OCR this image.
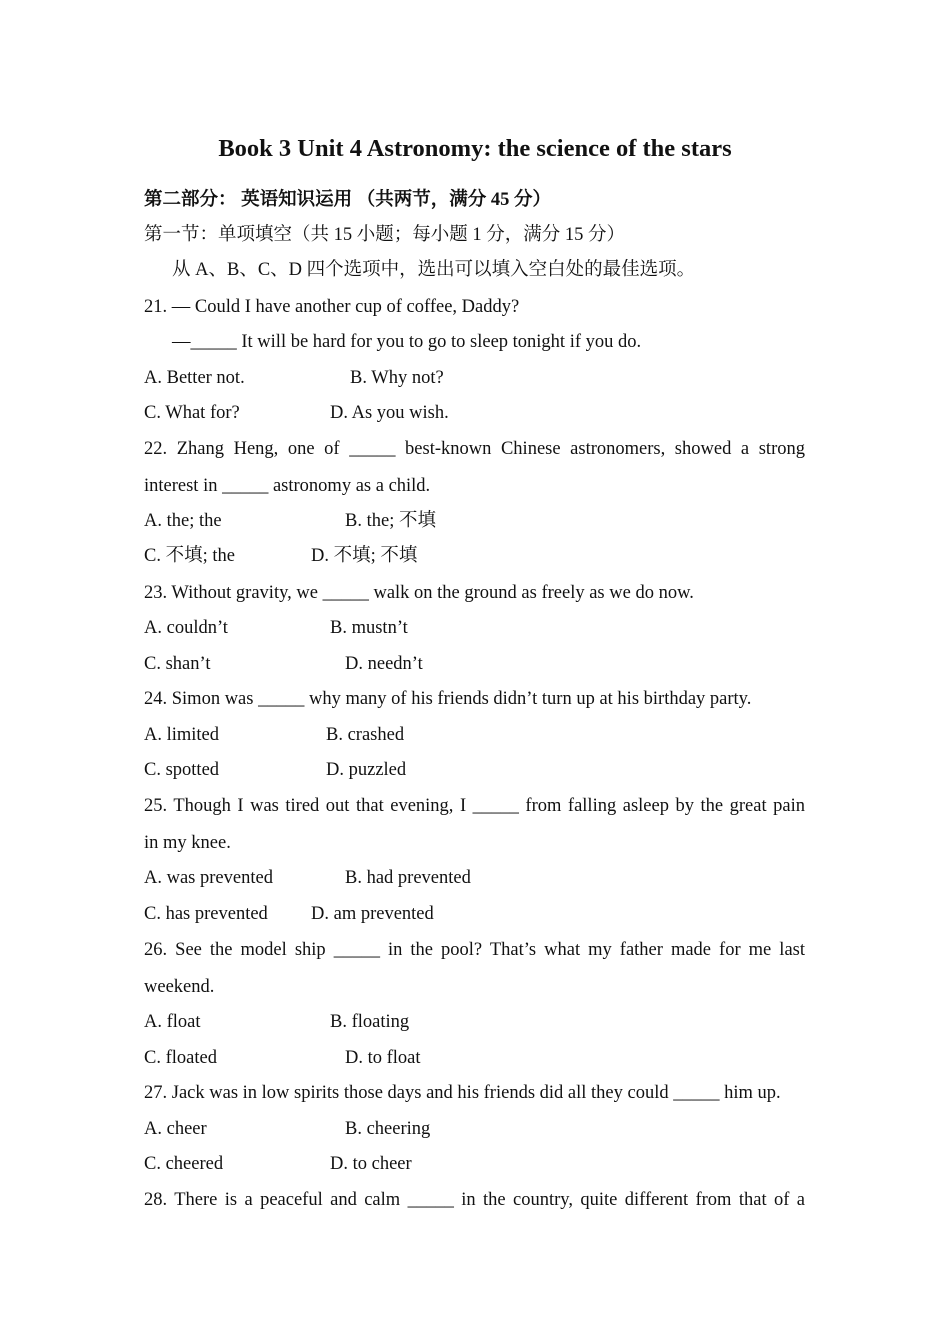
Book 3 Unit 4 Astronomy: the science of the stars
第二部分： 英语知识运用 （共两节，满分 45 分）
第一节：单项填空（共 15 小题；每小题 1 分，满分 15 分）
从 A、B、C、D 四个选项中，选出可以填入空白处的最佳选项。
21. — Could I have another cup of coffee, Daddy?
—_____ It will be hard for you to go to sleep tonight if you do.
A. Better not.	B. Why not?
C. What for?	D. As you wish.
22. Zhang Heng, one of _____ best-known Chinese astronomers, showed a strong
interest in _____ astronomy as a child.
A. the; the	B. the; 不填
C. 不填; the	D. 不填; 不填
23. Without gravity, we _____ walk on the ground as freely as we do now.
A. couldn’t	B. mustn’t
C. shan’t	D. needn’t
24. Simon was _____ why many of his friends didn’t turn up at his birthday party.
A. limited	B. crashed
C. spotted	D. puzzled
25. Though I was tired out that evening, I _____ from falling asleep by the great pain
in my knee.
A. was prevented	B. had prevented
C. has prevented D. am prevented
26. See the model ship _____ in the pool? That’s what my father made for me last
weekend.
A. float	B. floating
C. floated	D. to float
27. Jack was in low spirits those days and his friends did all they could _____ him up.
A. cheer	B. cheering
C. cheered	D. to cheer
28. There is a peaceful and calm _____ in the country, quite different from that of a
